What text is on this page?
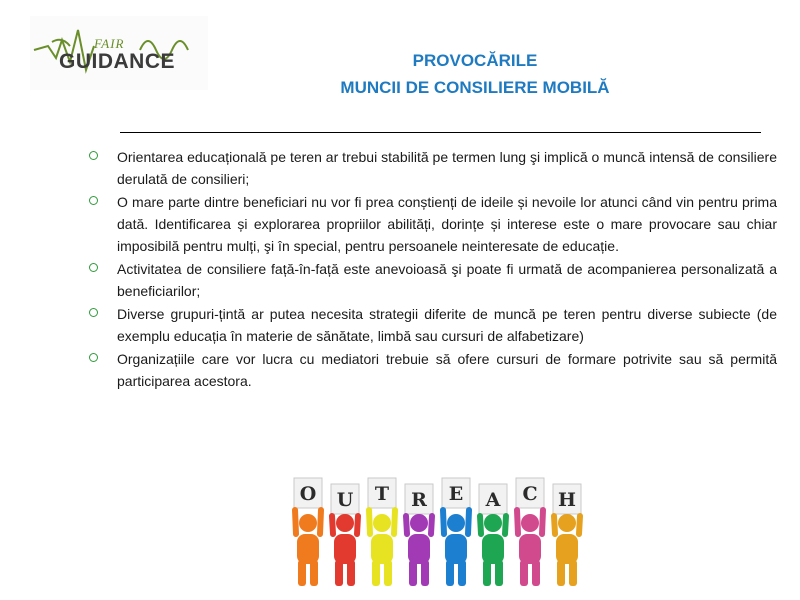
FAIR
GUIDANCE	PROVOCĂRILE
MUNCII DE CONSILIERE MOBILĂ
Orientarea educațională pe teren ar trebui stabilită pe termen lung şi implică o muncă intensă de consiliere derulată de consilieri;
O mare parte dintre beneficiari nu vor fi prea conștienți de ideile și nevoile lor atunci când vin pentru prima dată. Identificarea și explorarea propriilor abilități, dorințe și interese este o mare provocare sau chiar imposibilă pentru mulți, şi în special, pentru persoanele neinteresate de educație.
Activitatea de consiliere față-în-față este anevoioasă şi poate fi urmată de acompanierea personalizată a beneficiarilor;
Diverse grupuri-țintă ar putea necesita strategii diferite de muncă pe teren pentru diverse subiecte (de exemplu educația în materie de sănătate, limbă sau cursuri de alfabetizare)
Organizațiile care vor lucra cu mediatori trebuie să ofere cursuri de formare potrivite sau să permită participarea acestora.
O U T R E A C H
